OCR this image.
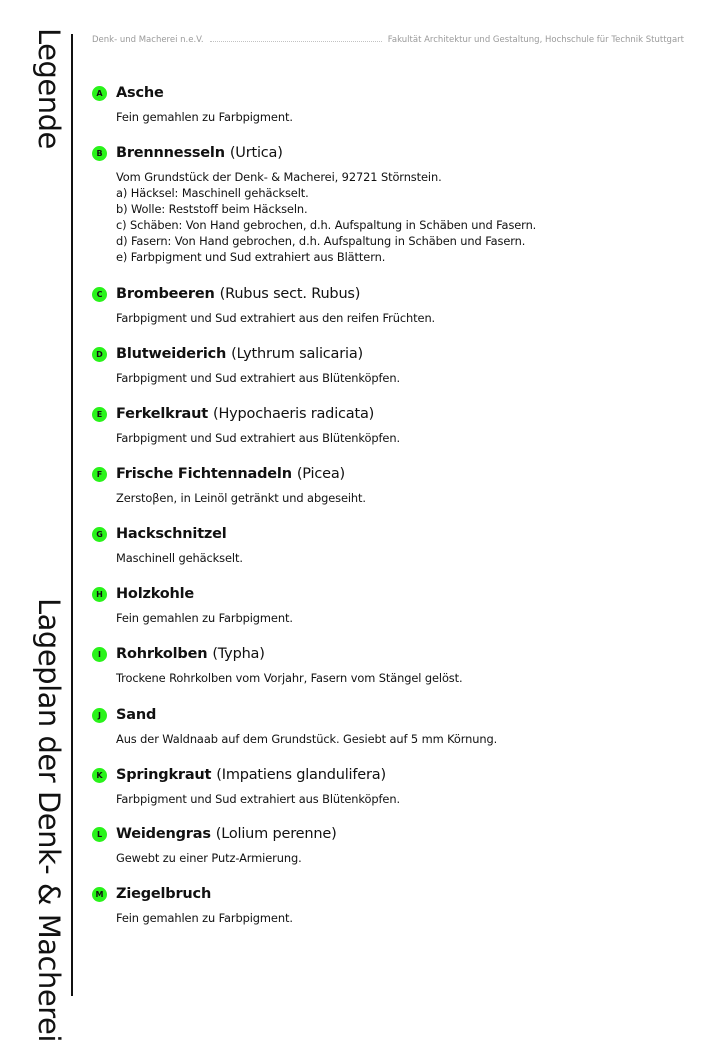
Legende
Lageplan der Denk- & Macherei
Denk- und Macherei n.e.V.	Fakultät Architektur und Gestaltung, Hochschule für Technik Stuttgart
A Asche
Fein gemahlen zu Farbpigment.
B Brennnesseln (Urtica)
Vom Grundstück der Denk- & Macherei, 92721 Störnstein.
a) Häcksel: Maschinell gehäckselt.
b) Wolle: Reststoff beim Häckseln.
c) Schäben: Von Hand gebrochen, d.h. Aufspaltung in Schäben und Fasern.
d) Fasern: Von Hand gebrochen, d.h. Aufspaltung in Schäben und Fasern.
e) Farbpigment und Sud extrahiert aus Blättern.
C Brombeeren (Rubus sect. Rubus)
Farbpigment und Sud extrahiert aus den reifen Früchten.
D Blutweiderich (Lythrum salicaria)
Farbpigment und Sud extrahiert aus Blütenköpfen.
E Ferkelkraut (Hypochaeris radicata)
Farbpigment und Sud extrahiert aus Blütenköpfen.
F Frische Fichtennadeln (Picea)
Zerstoβen, in Leinöl getränkt und abgeseiht.
G Hackschnitzel
Maschinell gehäckselt.
H Holzkohle
Fein gemahlen zu Farbpigment.
I	Rohrkolben (Typha)
Trockene Rohrkolben vom Vorjahr, Fasern vom Stängel gelöst.
J	Sand
Aus der Waldnaab auf dem Grundstück. Gesiebt auf 5 mm Körnung.
K Springkraut (Impatiens glandulifera)
Farbpigment und Sud extrahiert aus Blütenköpfen.
L Weidengras (Lolium perenne)
Gewebt zu einer Putz-Armierung.
M Ziegelbruch
Fein gemahlen zu Farbpigment.
